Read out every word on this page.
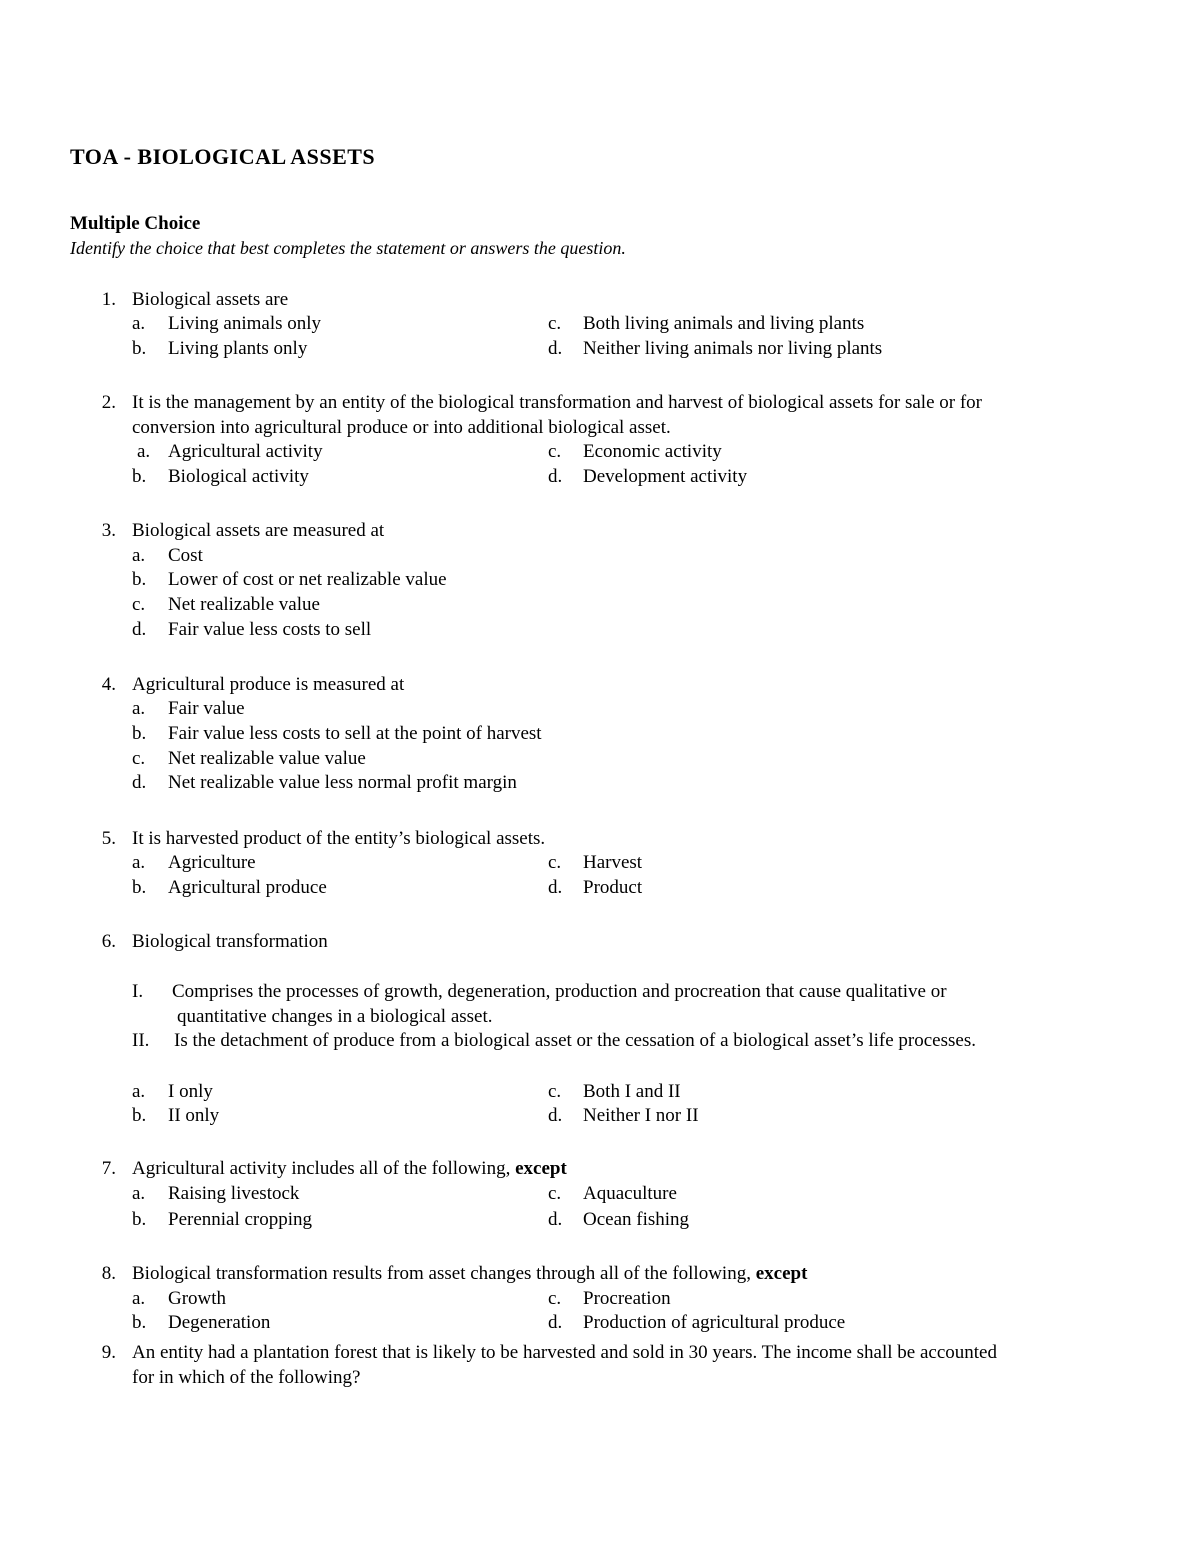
TOA - BIOLOGICAL ASSETS
Multiple Choice
Identify the choice that best completes the statement or answers the question.
1. Biological assets are
a. Living animals only	c. Both living animals and living plants
b. Living plants only	d. Neither living animals nor living plants
2. It is the management by an entity of the biological transformation and harvest of biological assets for sale or for
conversion into agricultural produce or into additional biological asset.
a. Agricultural activity	c. Economic activity
b. Biological activity	d. Development activity
3. Biological assets are measured at
a. Cost
b. Lower of cost or net realizable value
c. Net realizable value
d. Fair value less costs to sell
4. Agricultural produce is measured at
a. Fair value
b. Fair value less costs to sell at the point of harvest
c. Net realizable value value
d. Net realizable value less normal profit margin
5. It is harvested product of the entity’s biological assets.
a. Agriculture	c. Harvest
b. Agricultural produce	d. Product
6. Biological transformation
I. Comprises the processes of growth, degeneration, production and procreation that cause qualitative or
quantitative changes in a biological asset.
II. Is the detachment of produce from a biological asset or the cessation of a biological asset’s life processes.
a. I only	c. Both I and II
b. II only	d. Neither I nor II
7. Agricultural activity includes all of the following, except
a. Raising livestock	c. Aquaculture
b. Perennial cropping	d. Ocean fishing
8. Biological transformation results from asset changes through all of the following, except
a. Growth	c. Procreation
b. Degeneration	d. Production of agricultural produce
9. An entity had a plantation forest that is likely to be harvested and sold in 30 years. The income shall be accounted
for in which of the following?
